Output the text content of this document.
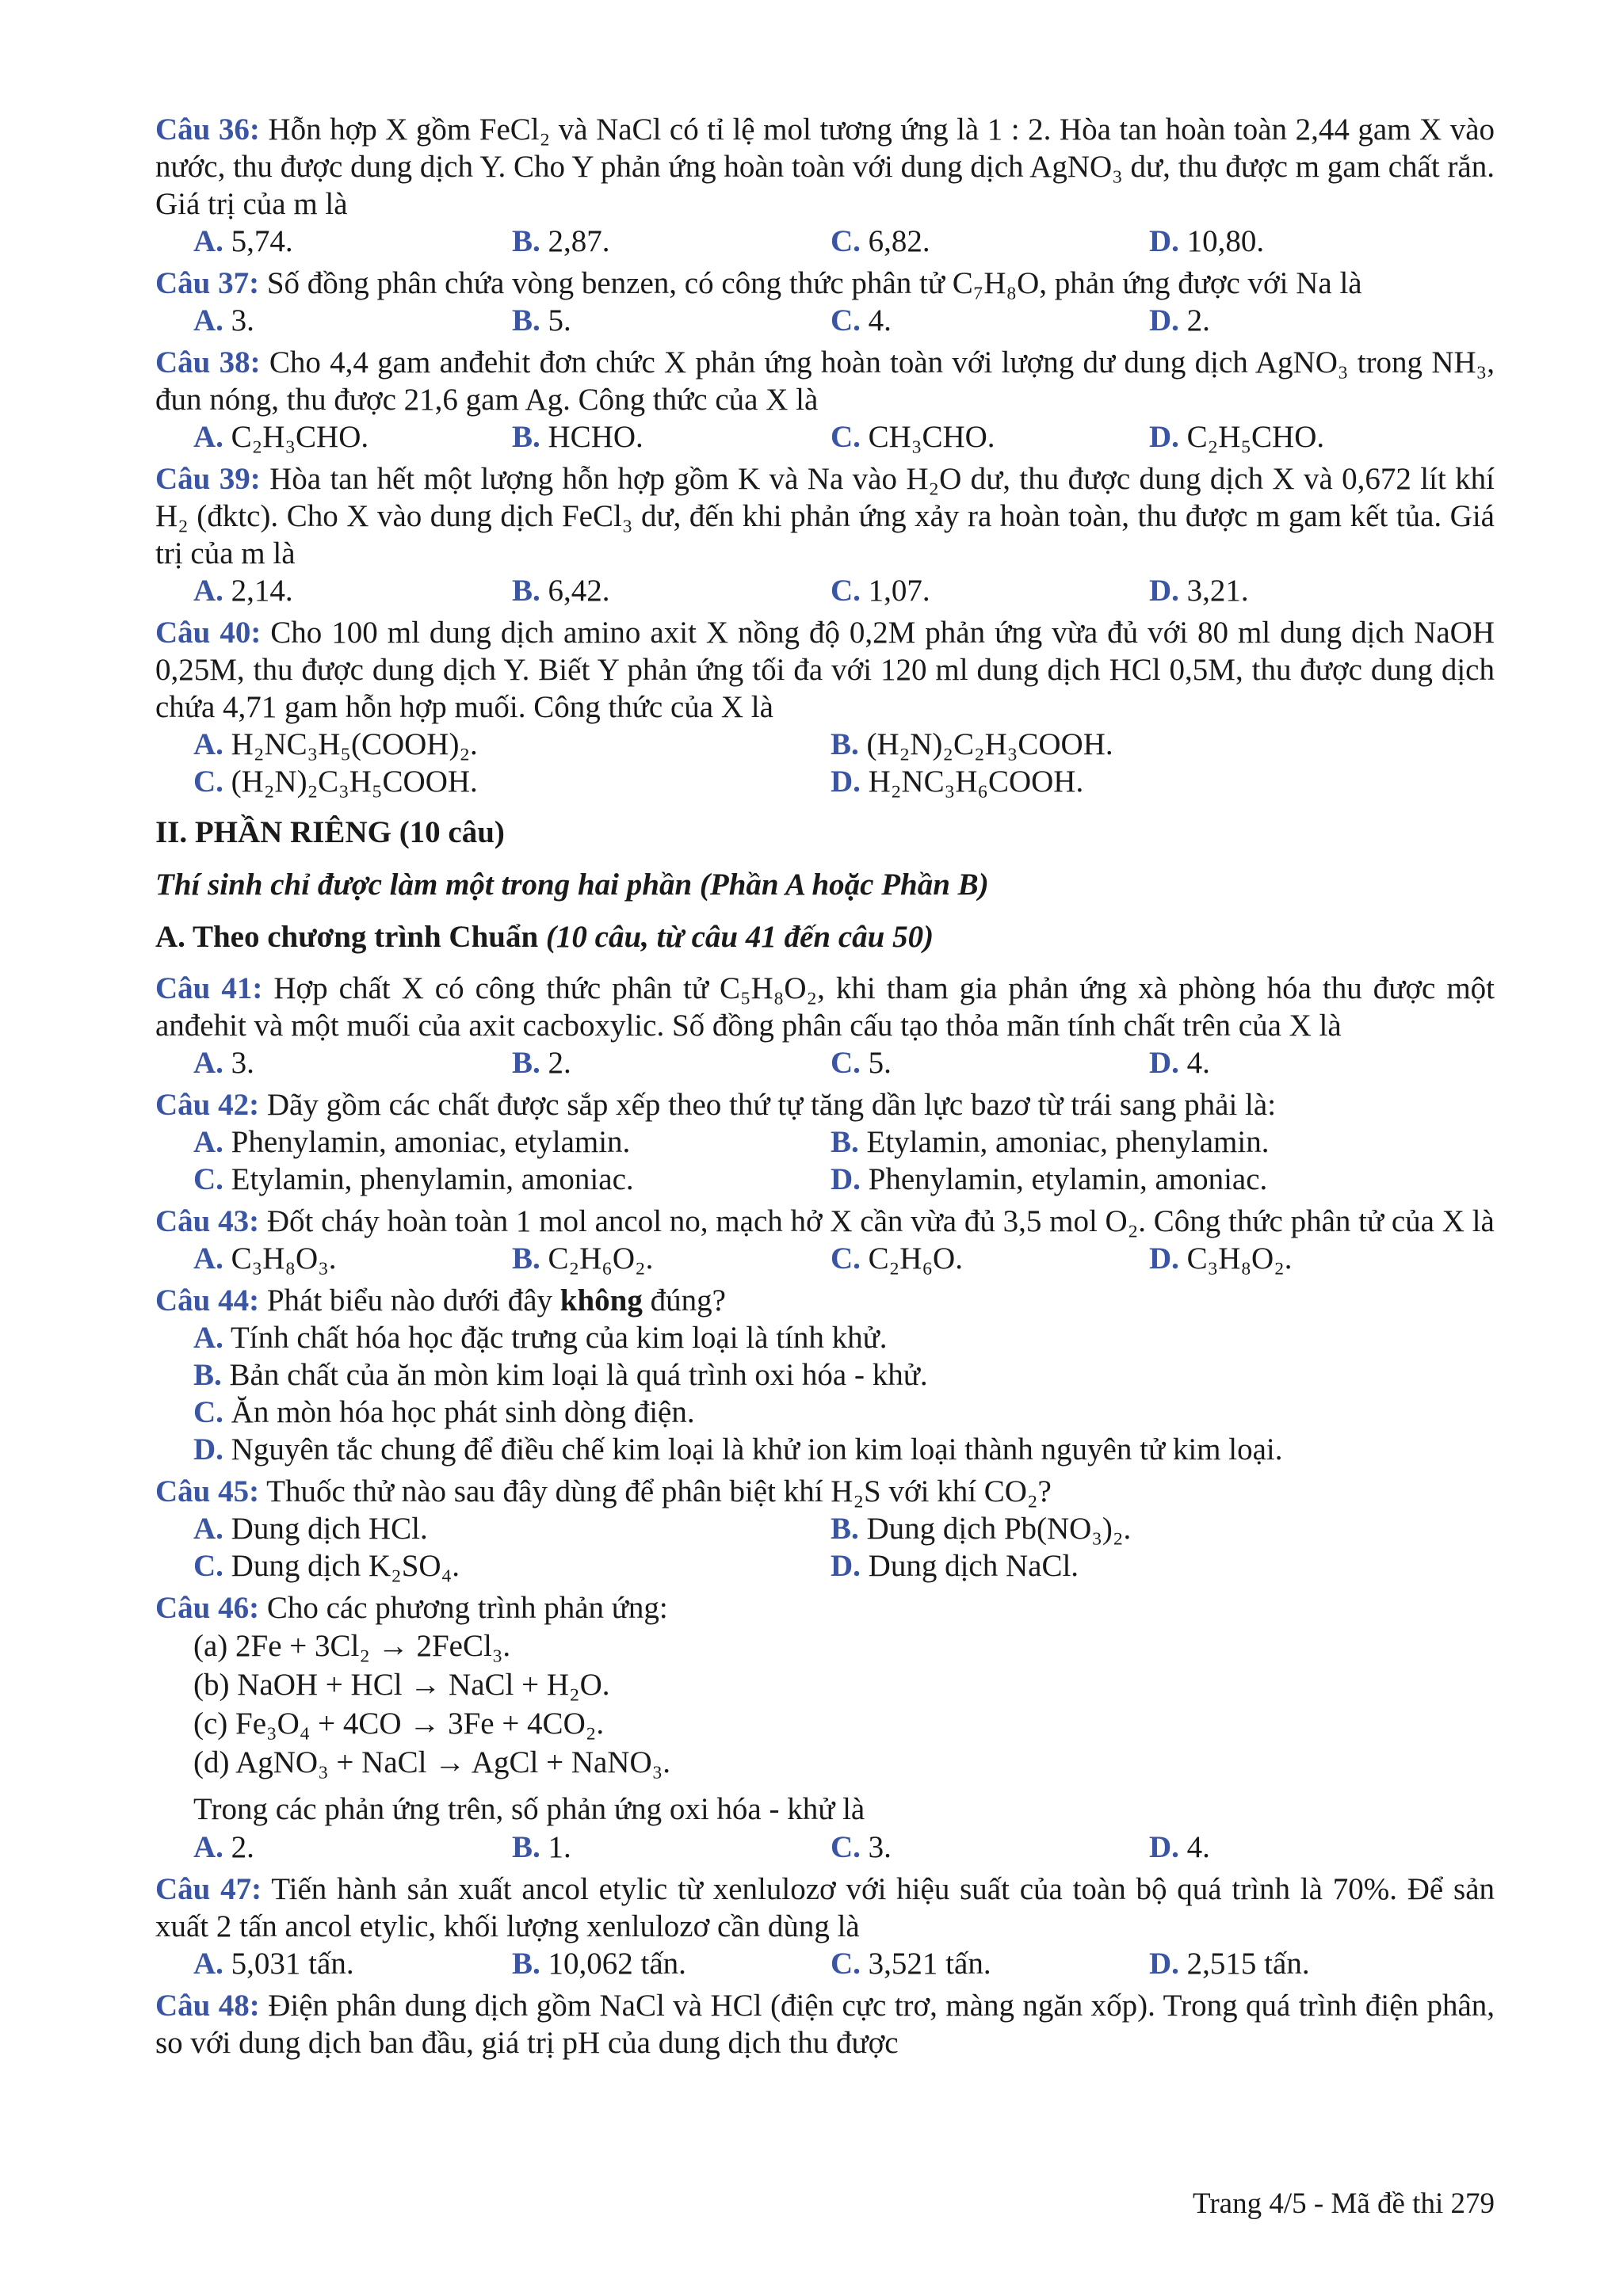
Câu 36: Hỗn hợp X gồm FeCl₂ và NaCl có tỉ lệ mol tương ứng là 1 : 2. Hòa tan hoàn toàn 2,44 gam X vào nước, thu được dung dịch Y. Cho Y phản ứng hoàn toàn với dung dịch AgNO₃ dư, thu được m gam chất rắn. Giá trị của m là

A. 5,74.	B. 2,87.	C. 6,82.	D. 10,80.

Câu 37: Số đồng phân chứa vòng benzen, có công thức phân tử C₇H₈O, phản ứng được với Na là

A. 3.	B. 5.	C. 4.	D. 2.

Câu 38: Cho 4,4 gam anđehit đơn chức X phản ứng hoàn toàn với lượng dư dung dịch AgNO₃ trong NH₃, đun nóng, thu được 21,6 gam Ag. Công thức của X là

A. C₂H₃CHO.	B. HCHO.	C. CH₃CHO.	D. C₂H₅CHO.

Câu 39: Hòa tan hết một lượng hỗn hợp gồm K và Na vào H₂O dư, thu được dung dịch X và 0,672 lít khí H₂ (đktc). Cho X vào dung dịch FeCl₃ dư, đến khi phản ứng xảy ra hoàn toàn, thu được m gam kết tủa. Giá trị của m là

A. 2,14.	B. 6,42.	C. 1,07.	D. 3,21.

Câu 40: Cho 100 ml dung dịch amino axit X nồng độ 0,2M phản ứng vừa đủ với 80 ml dung dịch NaOH 0,25M, thu được dung dịch Y. Biết Y phản ứng tối đa với 120 ml dung dịch HCl 0,5M, thu được dung dịch chứa 4,71 gam hỗn hợp muối. Công thức của X là

A. H₂NC₃H₅(COOH)₂.	B. (H₂N)₂C₂H₃COOH.
C. (H₂N)₂C₃H₅COOH.	D. H₂NC₃H₆COOH.
II. PHẦN RIÊNG (10 câu)
Thí sinh chỉ được làm một trong hai phần (Phần A hoặc Phần B)
A. Theo chương trình Chuẩn (10 câu, từ câu 41 đến câu 50)

Câu 41: Hợp chất X có công thức phân tử C₅H₈O₂, khi tham gia phản ứng xà phòng hóa thu được một anđehit và một muối của axit cacboxylic. Số đồng phân cấu tạo thỏa mãn tính chất trên của X là

A. 3.	B. 2.	C. 5.	D. 4.

Câu 42: Dãy gồm các chất được sắp xếp theo thứ tự tăng dần lực bazơ từ trái sang phải là:

A. Phenylamin, amoniac, etylamin.	B. Etylamin, amoniac, phenylamin.
C. Etylamin, phenylamin, amoniac.	D. Phenylamin, etylamin, amoniac.

Câu 43: Đốt cháy hoàn toàn 1 mol ancol no, mạch hở X cần vừa đủ 3,5 mol O₂. Công thức phân tử của X là

A. C₃H₈O₃.	B. C₂H₆O₂.	C. C₂H₆O.	D. C₃H₈O₂.

Câu 44: Phát biểu nào dưới đây không đúng?

A. Tính chất hóa học đặc trưng của kim loại là tính khử.
B. Bản chất của ăn mòn kim loại là quá trình oxi hóa - khử.
C. Ăn mòn hóa học phát sinh dòng điện.
D. Nguyên tắc chung để điều chế kim loại là khử ion kim loại thành nguyên tử kim loại.

Câu 45: Thuốc thử nào sau đây dùng để phân biệt khí H₂S với khí CO₂?

A. Dung dịch HCl.	B. Dung dịch Pb(NO₃)₂.
C. Dung dịch K₂SO₄.	D. Dung dịch NaCl.

Câu 46: Cho các phương trình phản ứng:

(a) 2Fe + 3Cl₂ → 2FeCl₃.

(b) NaOH + HCl → NaCl + H₂O.

(c) Fe₃O₄ + 4CO → 3Fe + 4CO₂.

(d) AgNO₃ + NaCl → AgCl + NaNO₃.

Trong các phản ứng trên, số phản ứng oxi hóa - khử là

A. 2.	B. 1.	C. 3.	D. 4.

Câu 47: Tiến hành sản xuất ancol etylic từ xenlulozơ với hiệu suất của toàn bộ quá trình là 70%. Để sản xuất 2 tấn ancol etylic, khối lượng xenlulozơ cần dùng là

A. 5,031 tấn.	B. 10,062 tấn.	C. 3,521 tấn.	D. 2,515 tấn.

Câu 48: Điện phân dung dịch gồm NaCl và HCl (điện cực trơ, màng ngăn xốp). Trong quá trình điện phân, so với dung dịch ban đầu, giá trị pH của dung dịch thu được

Trang 4/5 - Mã đề thi 279
